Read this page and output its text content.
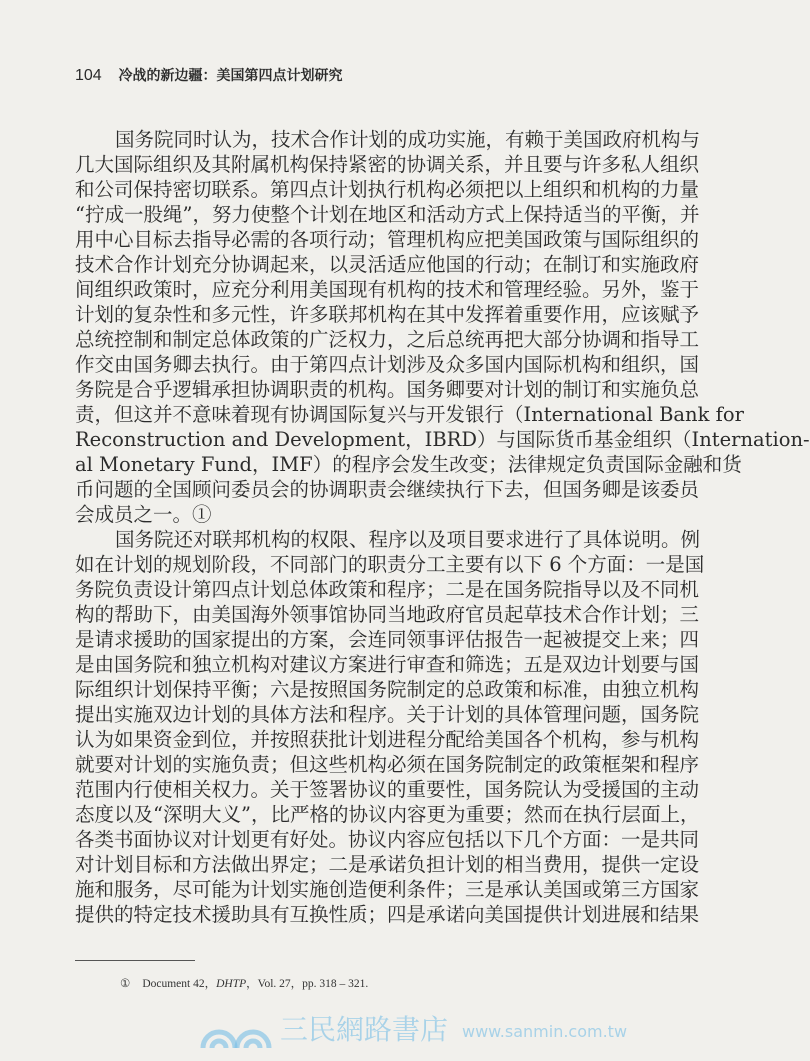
104 冷战的新边疆：美国第四点计划研究
国务院同时认为，技术合作计划的成功实施，有赖于美国政府机构与
几大国际组织及其附属机构保持紧密的协调关系，并且要与许多私人组织
和公司保持密切联系。第四点计划执行机构必须把以上组织和机构的力量
“拧成一股绳”，努力使整个计划在地区和活动方式上保持适当的平衡，并
用中心目标去指导必需的各项行动；管理机构应把美国政策与国际组织的
技术合作计划充分协调起来，以灵活适应他国的行动；在制订和实施政府
间组织政策时，应充分利用美国现有机构的技术和管理经验。另外，鉴于
计划的复杂性和多元性，许多联邦机构在其中发挥着重要作用，应该赋予
总统控制和制定总体政策的广泛权力，之后总统再把大部分协调和指导工
作交由国务卿去执行。由于第四点计划涉及众多国内国际机构和组织，国
务院是合乎逻辑承担协调职责的机构。国务卿要对计划的制订和实施负总
责，但这并不意味着现有协调国际复兴与开发银行（International Bank for
Reconstruction and Development，IBRD）与国际货币基金组织（Internation-
al Monetary Fund，IMF）的程序会发生改变；法律规定负责国际金融和货
币问题的全国顾问委员会的协调职责会继续执行下去，但国务卿是该委员
会成员之一。①
国务院还对联邦机构的权限、程序以及项目要求进行了具体说明。例
如在计划的规划阶段，不同部门的职责分工主要有以下 6 个方面：一是国
务院负责设计第四点计划总体政策和程序；二是在国务院指导以及不同机
构的帮助下，由美国海外领事馆协同当地政府官员起草技术合作计划；三
是请求援助的国家提出的方案，会连同领事评估报告一起被提交上来；四
是由国务院和独立机构对建议方案进行审查和筛选；五是双边计划要与国
际组织计划保持平衡；六是按照国务院制定的总政策和标准，由独立机构
提出实施双边计划的具体方法和程序。关于计划的具体管理问题，国务院
认为如果资金到位，并按照获批计划进程分配给美国各个机构，参与机构
就要对计划的实施负责；但这些机构必须在国务院制定的政策框架和程序
范围内行使相关权力。关于签署协议的重要性，国务院认为受援国的主动
态度以及“深明大义”，比严格的协议内容更为重要；然而在执行层面上，
各类书面协议对计划更有好处。协议内容应包括以下几个方面：一是共同
对计划目标和方法做出界定；二是承诺负担计划的相当费用，提供一定设
施和服务，尽可能为计划实施创造便利条件；三是承认美国或第三方国家
提供的特定技术援助具有互换性质；四是承诺向美国提供计划进展和结果
① Document 42，DHTP，Vol. 27，pp. 318 – 321.
三民網路書店 www.sanmin.com.tw
